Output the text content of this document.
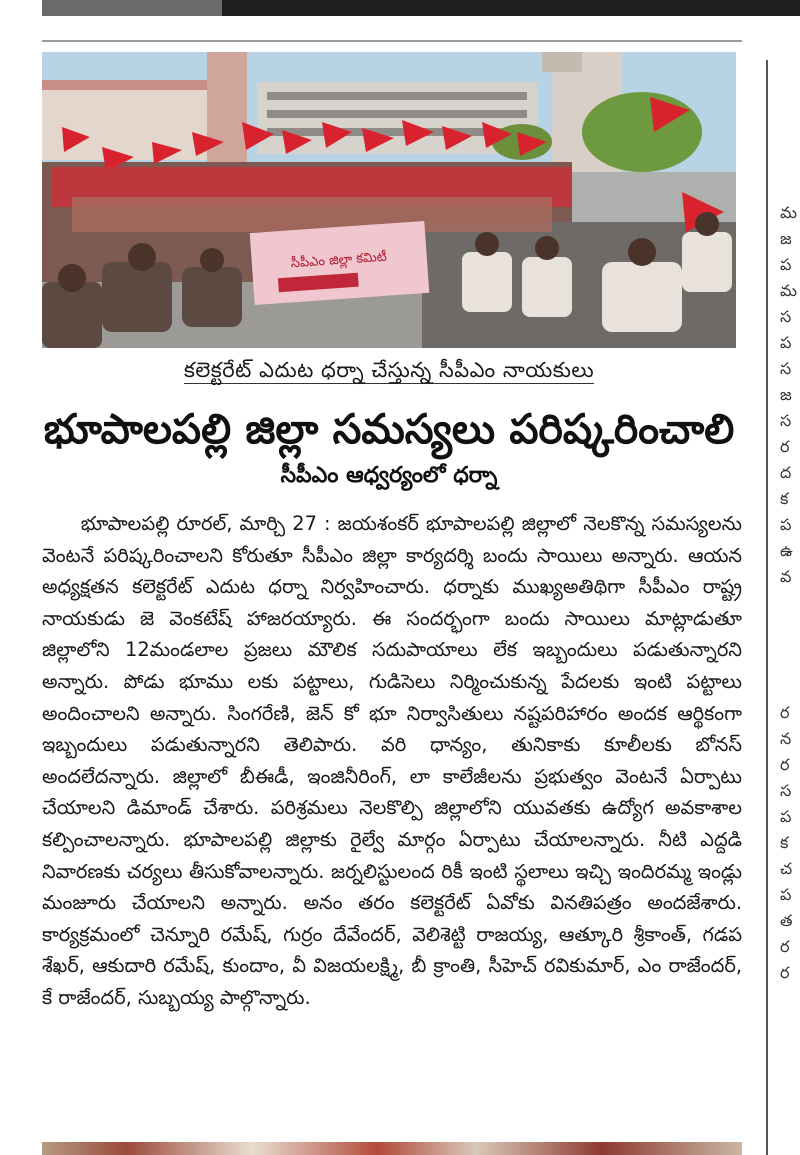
సీపీఎం జిల్లా కమిటీ
కలెక్టరేట్ ఎదుట ధర్నా చేస్తున్న సీపీఎం నాయకులు
భూపాలపల్లి జిల్లా సమస్యలు పరిష్కరించాలి
సీపీఎం ఆధ్వర్యంలో ధర్నా
  భూపాలపల్లి రూరల్, మార్చి 27 : జయశంకర్ భూపాలపల్లి జిల్లాలో నెలకొన్న సమస్యలను వెంటనే పరిష్కరించాలని కోరుతూ సీపీఎం జిల్లా కార్యదర్శి బందు సాయిలు అన్నారు. ఆయన అధ్యక్షతన కలెక్టరేట్ ఎదుట ధర్నా నిర్వహించారు. ధర్నాకు ముఖ్యఅతిథిగా సీపీఎం రాష్ట్ర నాయకుడు జె వెంకటేష్ హాజరయ్యారు. ఈ సందర్భంగా బందు సాయిలు మాట్లాడుతూ జిల్లాలోని 12మండలాల ప్రజలు మౌలిక సదుపాయాలు లేక ఇబ్బందులు పడుతున్నారని అన్నారు. పోడు భూము లకు పట్టాలు, గుడిసెలు నిర్మించుకున్న పేదలకు ఇంటి పట్టాలు అందించాలని అన్నారు. సింగరేణి, జెన్ కో భూ నిర్వాసితులు నష్టపరిహారం అందక ఆర్థికంగా ఇబ్బందులు పడుతున్నారని తెలిపారు. వరి ధాన్యం, తునికాకు కూలీలకు బోనస్ అందలేదన్నారు. జిల్లాలో బీఈడీ, ఇంజినీరింగ్, లా కాలేజీలను ప్రభుత్వం వెంటనే ఏర్పాటు చేయాలని డిమాండ్ చేశారు. పరిశ్రమలు నెలకొల్పి జిల్లాలోని యువతకు ఉద్యోగ అవకాశాల కల్పించాలన్నారు. భూపాలపల్లి జిల్లాకు రైల్వే మార్గం ఏర్పాటు చేయాలన్నారు. నీటి ఎద్దడి నివారణకు చర్యలు తీసుకోవాలన్నారు. జర్నలిస్టులంద రికీ ఇంటి స్థలాలు ఇచ్చి ఇందిరమ్మ ఇండ్లు మంజూరు చేయాలని అన్నారు. అనం తరం కలెక్టరేట్ ఏవోకు వినతిపత్రం అందజేశారు. కార్యక్రమంలో చెన్నూరి రమేష్, గుర్రం దేవేందర్, వెలిశెట్టి రాజయ్య, ఆత్కూరి శ్రీకాంత్, గడప శేఖర్, ఆకుదారి రమేష్, కుందాం, వీ విజయలక్ష్మి, బీ క్రాంతి, సీహెచ్ రవికుమార్, ఎం రాజేందర్, కే రాజేందర్, సుబ్బయ్య పాల్గొన్నారు.
మ
జ
ప
మ
స
ప
స
జ
స
ర
ద
క
ప
ఉ
వ
ర
న
ర
స
ప
క
చ
ప
త
ర
ర
